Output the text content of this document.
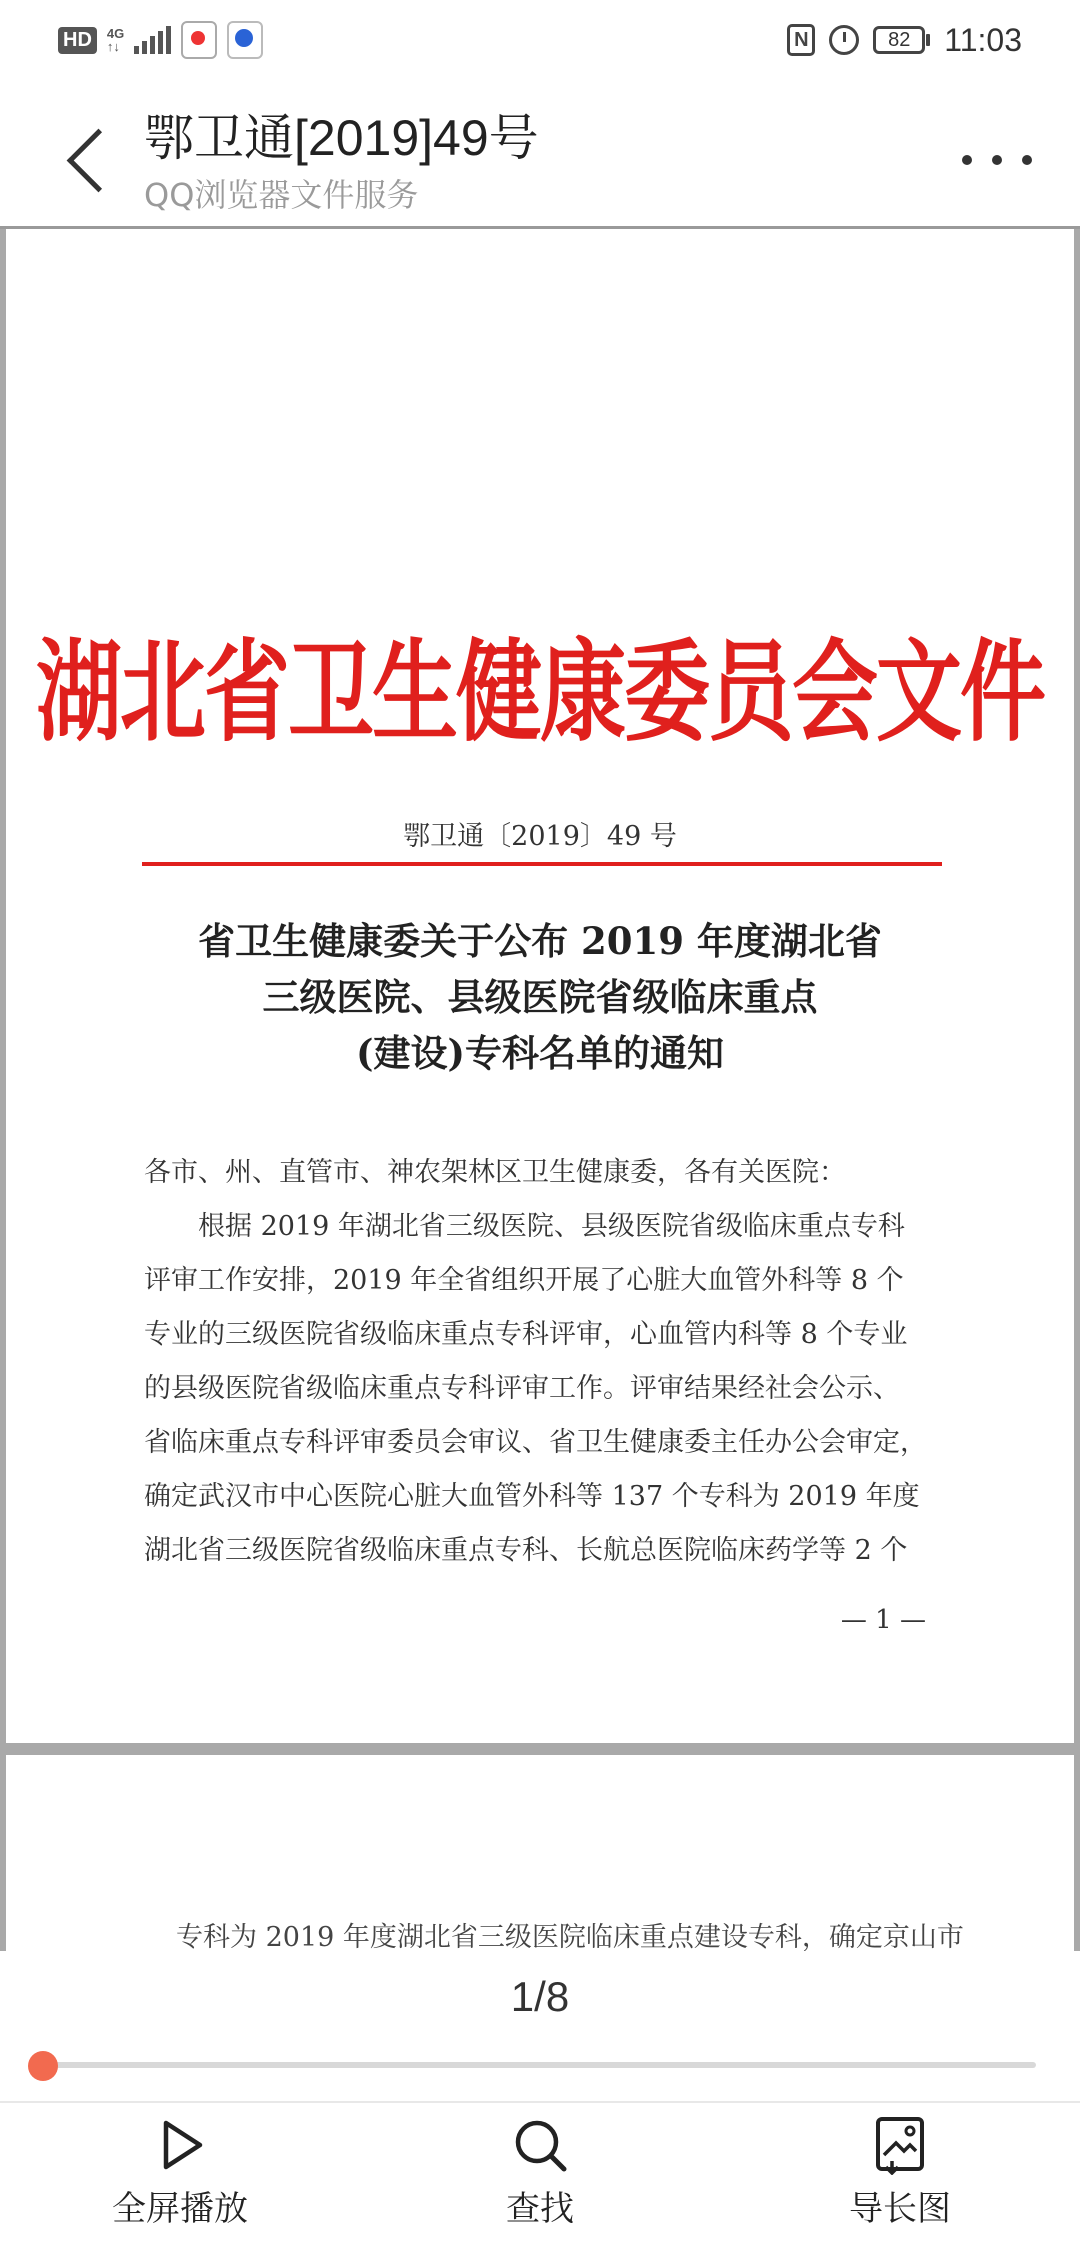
HD	4G
↑↓	N	82	11:03
鄂卫通[2019]49号
QQ浏览器文件服务
湖北省卫生健康委员会文件
鄂卫通〔2019〕49 号
省卫生健康委关于公布 2019 年度湖北省
三级医院、县级医院省级临床重点
(建设)专科名单的通知
各市、州、直管市、神农架林区卫生健康委，各有关医院：
根据 2019 年湖北省三级医院、县级医院省级临床重点专科
评审工作安排，2019 年全省组织开展了心脏大血管外科等 8 个
专业的三级医院省级临床重点专科评审，心血管内科等 8 个专业
的县级医院省级临床重点专科评审工作。评审结果经社会公示、
省临床重点专科评审委员会审议、省卫生健康委主任办公会审定，
确定武汉市中心医院心脏大血管外科等 137 个专科为 2019 年度
湖北省三级医院省级临床重点专科、长航总医院临床药学等 2 个
— 1 —
专科为 2019 年度湖北省三级医院临床重点建设专科，确定京山市
1/8
全屏播放	查找	导长图
